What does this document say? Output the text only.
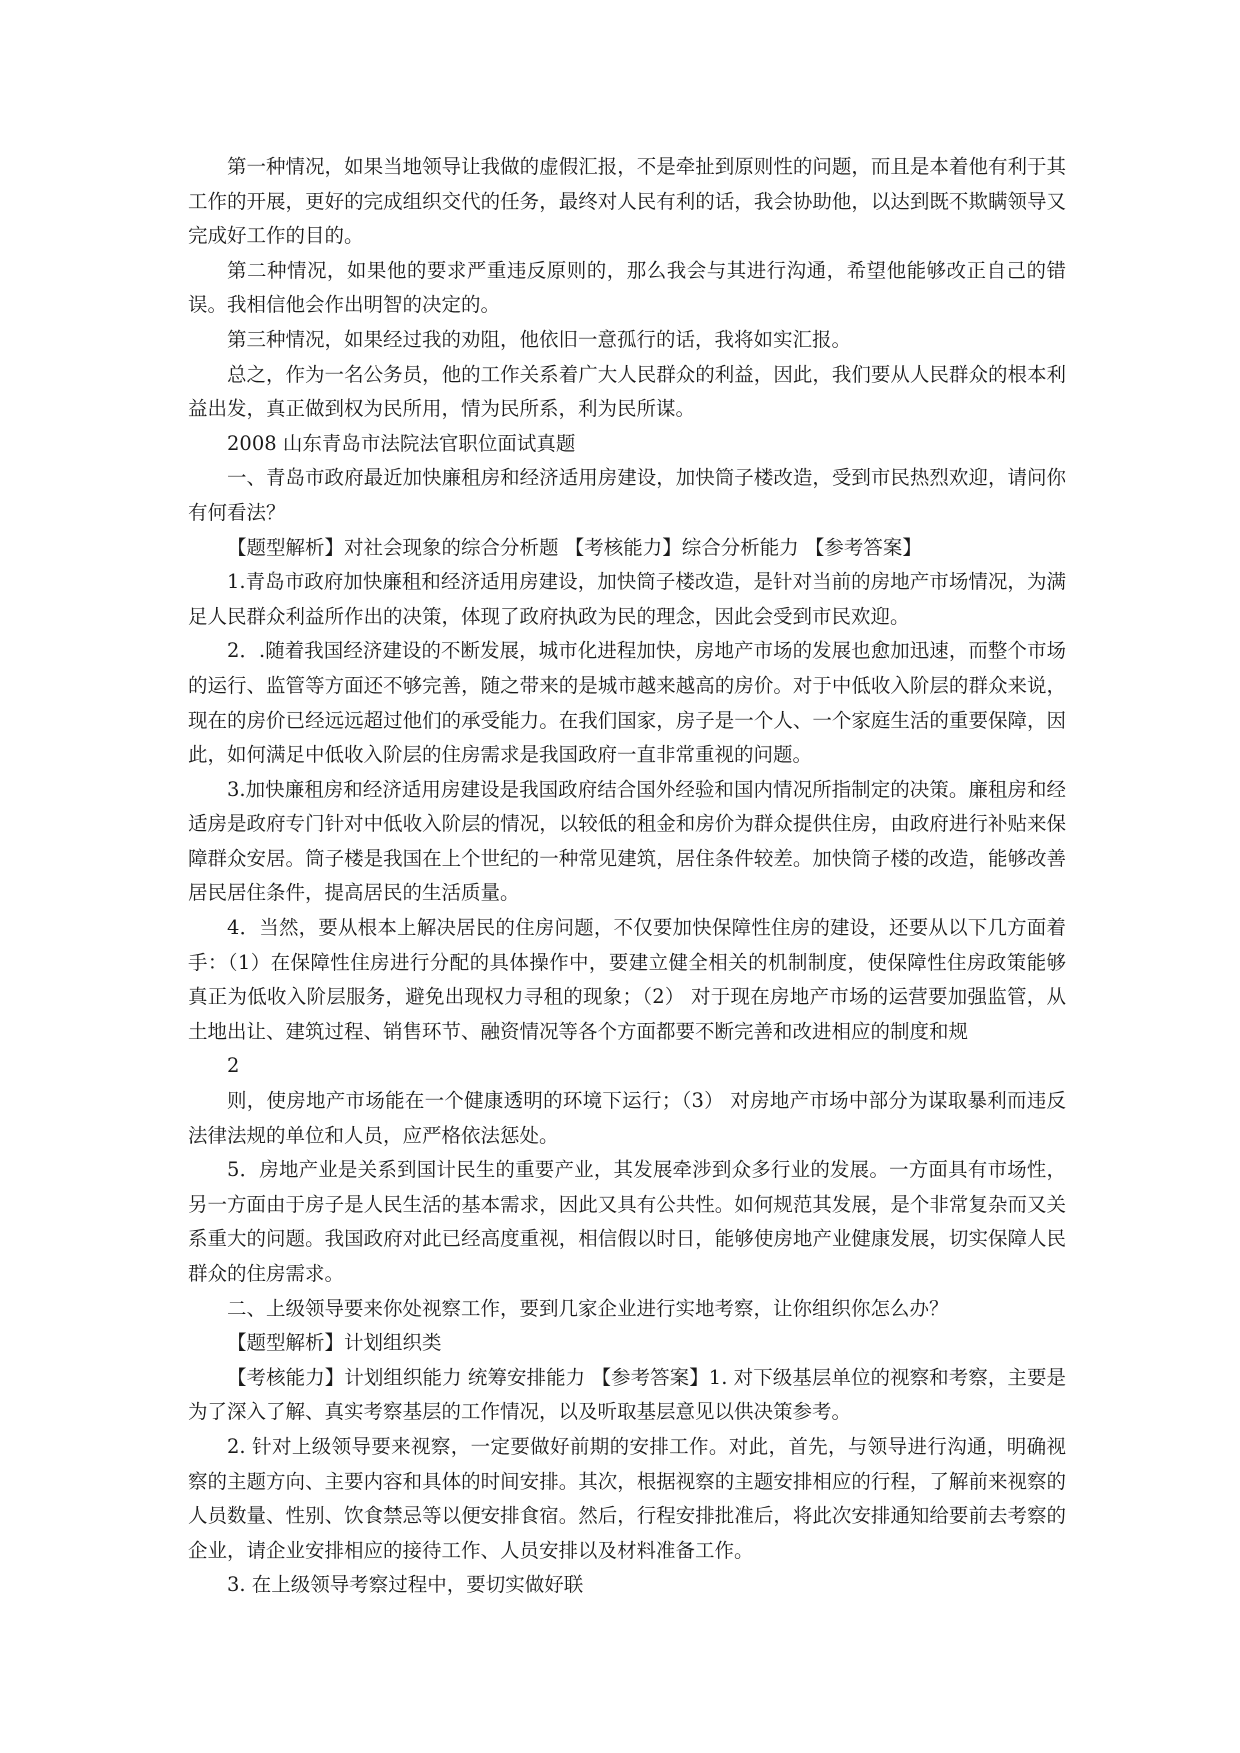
第一种情况，如果当地领导让我做的虚假汇报，不是牵扯到原则性的问题，而且是本着他有利于其工作的开展，更好的完成组织交代的任务，最终对人民有利的话，我会协助他，以达到既不欺瞒领导又完成好工作的目的。

第二种情况，如果他的要求严重违反原则的，那么我会与其进行沟通，希望他能够改正自己的错误。我相信他会作出明智的决定的。

第三种情况，如果经过我的劝阻，他依旧一意孤行的话，我将如实汇报。

总之，作为一名公务员，他的工作关系着广大人民群众的利益，因此，我们要从人民群众的根本利益出发，真正做到权为民所用，情为民所系，利为民所谋。

2008 山东青岛市法院法官职位面试真题

一、青岛市政府最近加快廉租房和经济适用房建设，加快筒子楼改造，受到市民热烈欢迎，请问你有何看法？

【题型解析】对社会现象的综合分析题 【考核能力】综合分析能力 【参考答案】

1.青岛市政府加快廉租和经济适用房建设，加快筒子楼改造，是针对当前的房地产市场情况，为满足人民群众利益所作出的决策，体现了政府执政为民的理念，因此会受到市民欢迎。

2．.随着我国经济建设的不断发展，城市化进程加快，房地产市场的发展也愈加迅速，而整个市场的运行、监管等方面还不够完善，随之带来的是城市越来越高的房价。对于中低收入阶层的群众来说，现在的房价已经远远超过他们的承受能力。在我们国家，房子是一个人、一个家庭生活的重要保障，因此，如何满足中低收入阶层的住房需求是我国政府一直非常重视的问题。

3.加快廉租房和经济适用房建设是我国政府结合国外经验和国内情况所指制定的决策。廉租房和经适房是政府专门针对中低收入阶层的情况，以较低的租金和房价为群众提供住房，由政府进行补贴来保障群众安居。筒子楼是我国在上个世纪的一种常见建筑，居住条件较差。加快筒子楼的改造，能够改善居民居住条件，提高居民的生活质量。

4．当然，要从根本上解决居民的住房问题，不仅要加快保障性住房的建设，还要从以下几方面着手：（1）在保障性住房进行分配的具体操作中，要建立健全相关的机制制度，使保障性住房政策能够真正为低收入阶层服务，避免出现权力寻租的现象；（2） 对于现在房地产市场的运营要加强监管，从土地出让、建筑过程、销售环节、融资情况等各个方面都要不断完善和改进相应的制度和规

2

则，使房地产市场能在一个健康透明的环境下运行；（3） 对房地产市场中部分为谋取暴利而违反法律法规的单位和人员，应严格依法惩处。

5．房地产业是关系到国计民生的重要产业，其发展牵涉到众多行业的发展。一方面具有市场性，另一方面由于房子是人民生活的基本需求，因此又具有公共性。如何规范其发展，是个非常复杂而又关系重大的问题。我国政府对此已经高度重视，相信假以时日，能够使房地产业健康发展，切实保障人民群众的住房需求。

二、上级领导要来你处视察工作，要到几家企业进行实地考察，让你组织你怎么办？

【题型解析】计划组织类

【考核能力】计划组织能力 统筹安排能力 【参考答案】1. 对下级基层单位的视察和考察，主要是为了深入了解、真实考察基层的工作情况，以及听取基层意见以供决策参考。

2. 针对上级领导要来视察，一定要做好前期的安排工作。对此，首先，与领导进行沟通，明确视察的主题方向、主要内容和具体的时间安排。其次，根据视察的主题安排相应的行程，了解前来视察的人员数量、性别、饮食禁忌等以便安排食宿。然后，行程安排批准后，将此次安排通知给要前去考察的企业，请企业安排相应的接待工作、人员安排以及材料准备工作。

3. 在上级领导考察过程中，要切实做好联
